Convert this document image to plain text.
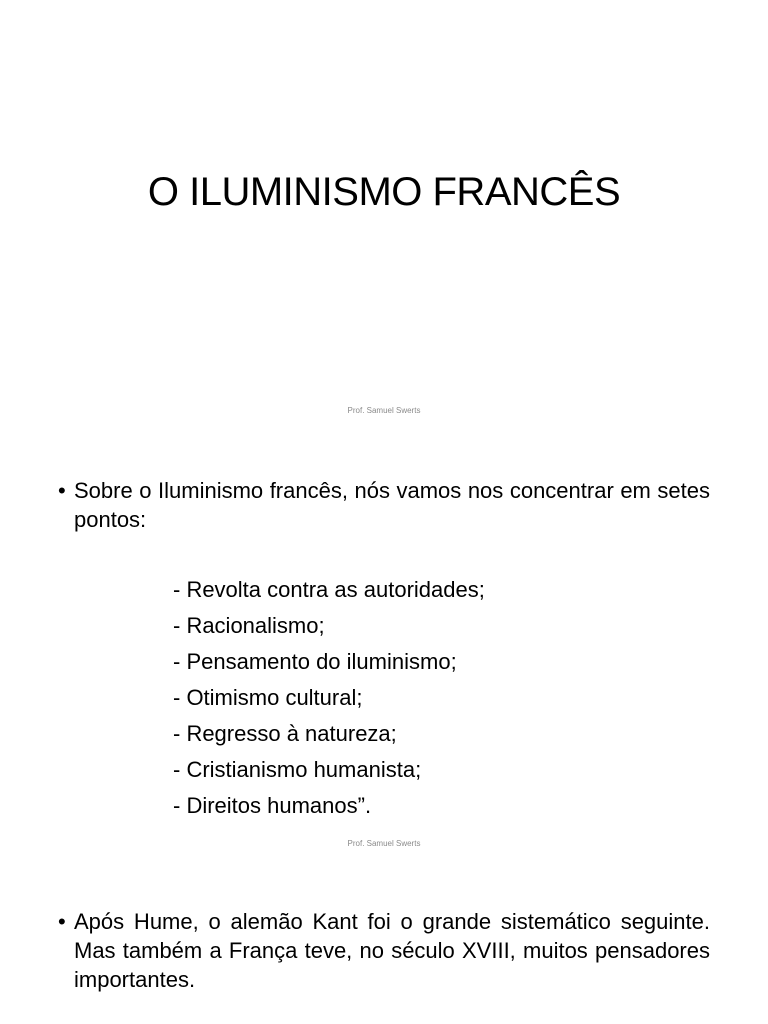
O ILUMINISMO FRANCÊS
Prof. Samuel Swerts
• Sobre o Iluminismo francês, nós vamos nos concentrar em setes pontos:
- Revolta contra as autoridades;
- Racionalismo;
- Pensamento do iluminismo;
- Otimismo cultural;
- Regresso à natureza;
- Cristianismo humanista;
- Direitos humanos”.
Prof. Samuel Swerts
• Após Hume, o alemão Kant foi o grande sistemático seguinte. Mas também a França teve, no século XVIII, muitos pensadores importantes.
